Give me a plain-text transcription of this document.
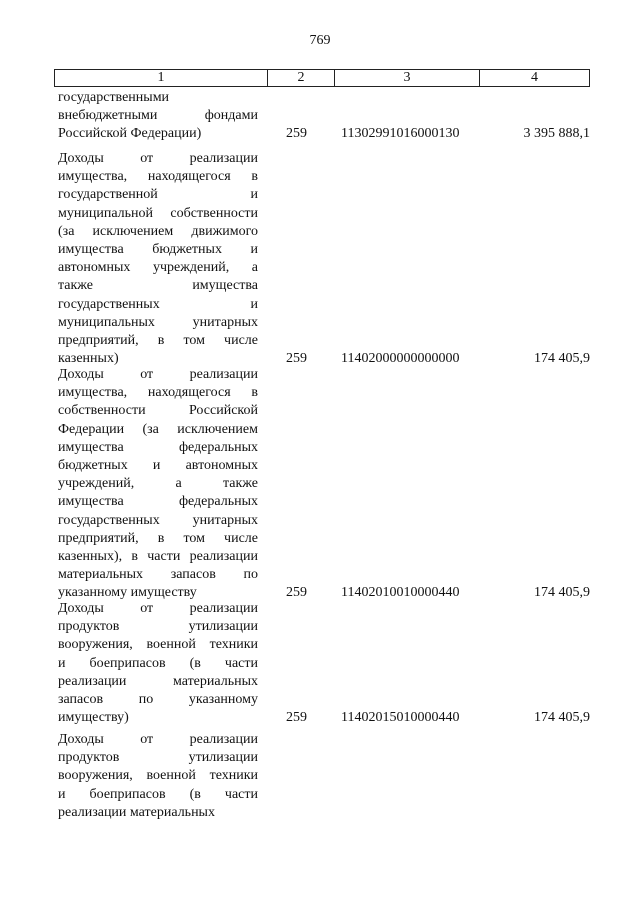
769
1	2	3	4
государственными
внебюджетными фондами
Российской Федерации)	259 11302991016000130	3 395 888,1
Доходы от реализации
имущества, находящегося в
государственной и
муниципальной собственности
(за исключением движимого
имущества бюджетных и
автономных учреждений, а
также имущества
государственных и
муниципальных унитарных
предприятий, в том числе
казенных)	259 11402000000000000	174 405,9
Доходы от реализации
имущества, находящегося в
собственности Российской
Федерации (за исключением
имущества федеральных
бюджетных и автономных
учреждений, а также
имущества федеральных
государственных унитарных
предприятий, в том числе
казенных), в части реализации
материальных запасов по
указанному имуществу	259 11402010010000440	174 405,9
Доходы от реализации
продуктов утилизации
вооружения, военной техники
и боеприпасов (в части
реализации материальных
запасов по указанному
имуществу)	259 11402015010000440	174 405,9
Доходы от реализации
продуктов утилизации
вооружения, военной техники
и боеприпасов (в части
реализации материальных
